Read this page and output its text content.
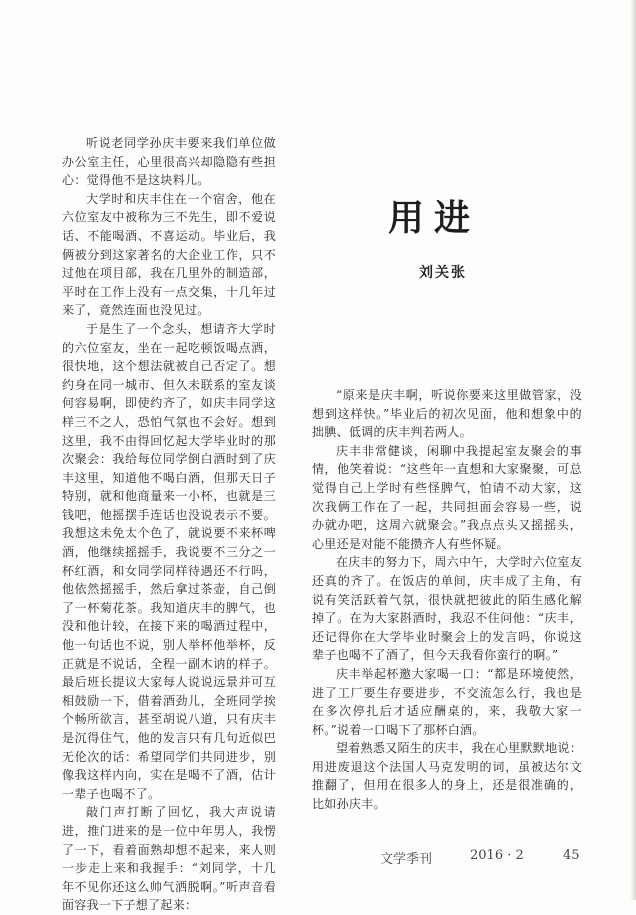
听说老同学孙庆丰要来我们单位做办公室主任，心里很高兴却隐隐有些担心：觉得他不是这块料儿。

大学时和庆丰住在一个宿舍，他在六位室友中被称为三不先生，即不爱说话、不能喝酒、不喜运动。毕业后，我俩被分到这家著名的大企业工作，只不过他在项目部，我在几里外的制造部，平时在工作上没有一点交集，十几年过来了，竟然连面也没见过。

于是生了一个念头，想请齐大学时的六位室友，坐在一起吃顿饭喝点酒，很快地，这个想法就被自己否定了。想约身在同一城市、但久未联系的室友谈何容易啊，即使约齐了，如庆丰同学这样三不之人，恐怕气氛也不会好。想到这里，我不由得回忆起大学毕业时的那次聚会：我给每位同学倒白酒时到了庆丰这里，知道他不喝白酒，但那天日子特别，就和他商量来一小杯，也就是三钱吧，他摇摆手连话也没说表示不要。我想这未免太个色了，就说要不来杯啤酒，他继续摇摇手，我说要不三分之一杯红酒，和女同学同样待遇还不行吗，他依然摇摇手，然后拿过茶壶，自己倒了一杯菊花茶。我知道庆丰的脾气，也没和他计较，在接下来的喝酒过程中，他一句话也不说，别人举杯他举杯，反正就是不说话，全程一副木讷的样子。最后班长提议大家每人说说远景并可互相鼓励一下，借着酒劲儿，全班同学挨个畅所欲言，甚至胡说八道，只有庆丰是沉得住气，他的发言只有几句近似巴无伦次的话：希望同学们共同进步，别像我这样内向，实在是喝不了酒，估计一辈子也喝不了。

敲门声打断了回忆，我大声说请进，推门进来的是一位中年男人，我愣了一下，看着面熟却想不起来，来人则一步走上来和我握手：“刘同学，十几年不见你还这么帅气洒脱啊。”听声音看面容我一下子想了起来：

用进
刘关张

“原来是庆丰啊，听说你要来这里做管家，没想到这样快。”毕业后的初次见面，他和想象中的拙腆、低调的庆丰判若两人。

庆丰非常健谈，闲聊中我提起室友聚会的事情，他笑着说：“这些年一直想和大家聚聚，可总觉得自己上学时有些怪脾气，怕请不动大家，这次我俩工作在了一起，共同担面会容易一些，说办就办吧，这周六就聚会。”我点点头又摇摇头，心里还是对能不能攒齐人有些怀疑。

在庆丰的努力下，周六中午，大学时六位室友还真的齐了。在饭店的单间，庆丰成了主角，有说有笑活跃着气氛，很快就把彼此的陌生感化解掉了。在为大家斟酒时，我忍不住问他：“庆丰，还记得你在大学毕业时聚会上的发言吗，你说这辈子也喝不了酒了，但今天我看你蛮行的啊。”

庆丰举起杯邀大家喝一口：“都是环境使然，进了工厂要生存要进步，不交流怎么行，我也是在多次停扎后才适应酬桌的，来，我敬大家一杯。”说着一口喝下了那杯白酒。

望着熟悉又陌生的庆丰，我在心里默默地说：用进废退这个法国人马克发明的词，虽被达尔文推翻了，但用在很多人的身上，还是很准确的，比如孙庆丰。

文学季刊	2016 · 2	45
